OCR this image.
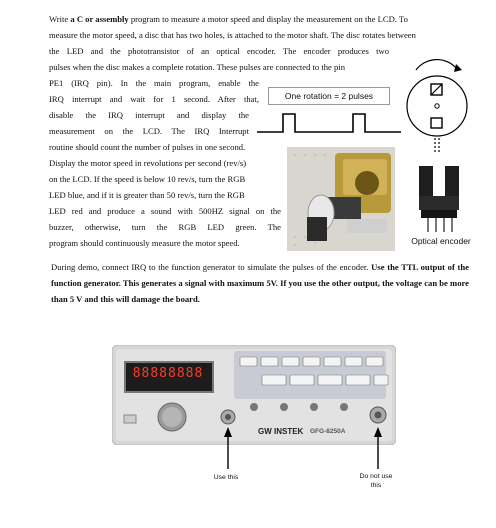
Write a C or assembly program to measure a motor speed and display the measurement on the LCD. To
measure the motor speed, a disc that has two holes, is attached to the motor shaft. The disc rotates between
the LED and the phototransistor of an optical encoder. The encoder produces two
pulses when the disc makes a complete rotation. These pulses are connected to the pin
PE1 (IRQ pin). In the main program, enable the
IRQ interrupt and wait for 1 second. After that,
disable the IRQ interrupt and display the
measurement on the LCD. The IRQ Interrupt
routine should count the number of pulses in one second.
Display the motor speed in revolutions per second (rev/s)
on the LCD. If the speed is below 10 rev/s, turn the RGB
LED blue, and if it is greater than 50 rev/s, turn the RGB
LED red and produce a sound with 500HZ signal on the
buzzer, otherwise, turn the RGB LED green. The
program should continuously measure the motor speed.
One rotation = 2 pulses
Optical encoder
During demo, connect IRQ to the function generator to simulate the pulses of the encoder. Use the TTL output of the function generator. This generates a signal with maximum 5V. If you use the other output, the voltage can be more than 5 V and this will damage the board.
88888888
GW INSTEK GFG-8250A
Use this	Do not use this
